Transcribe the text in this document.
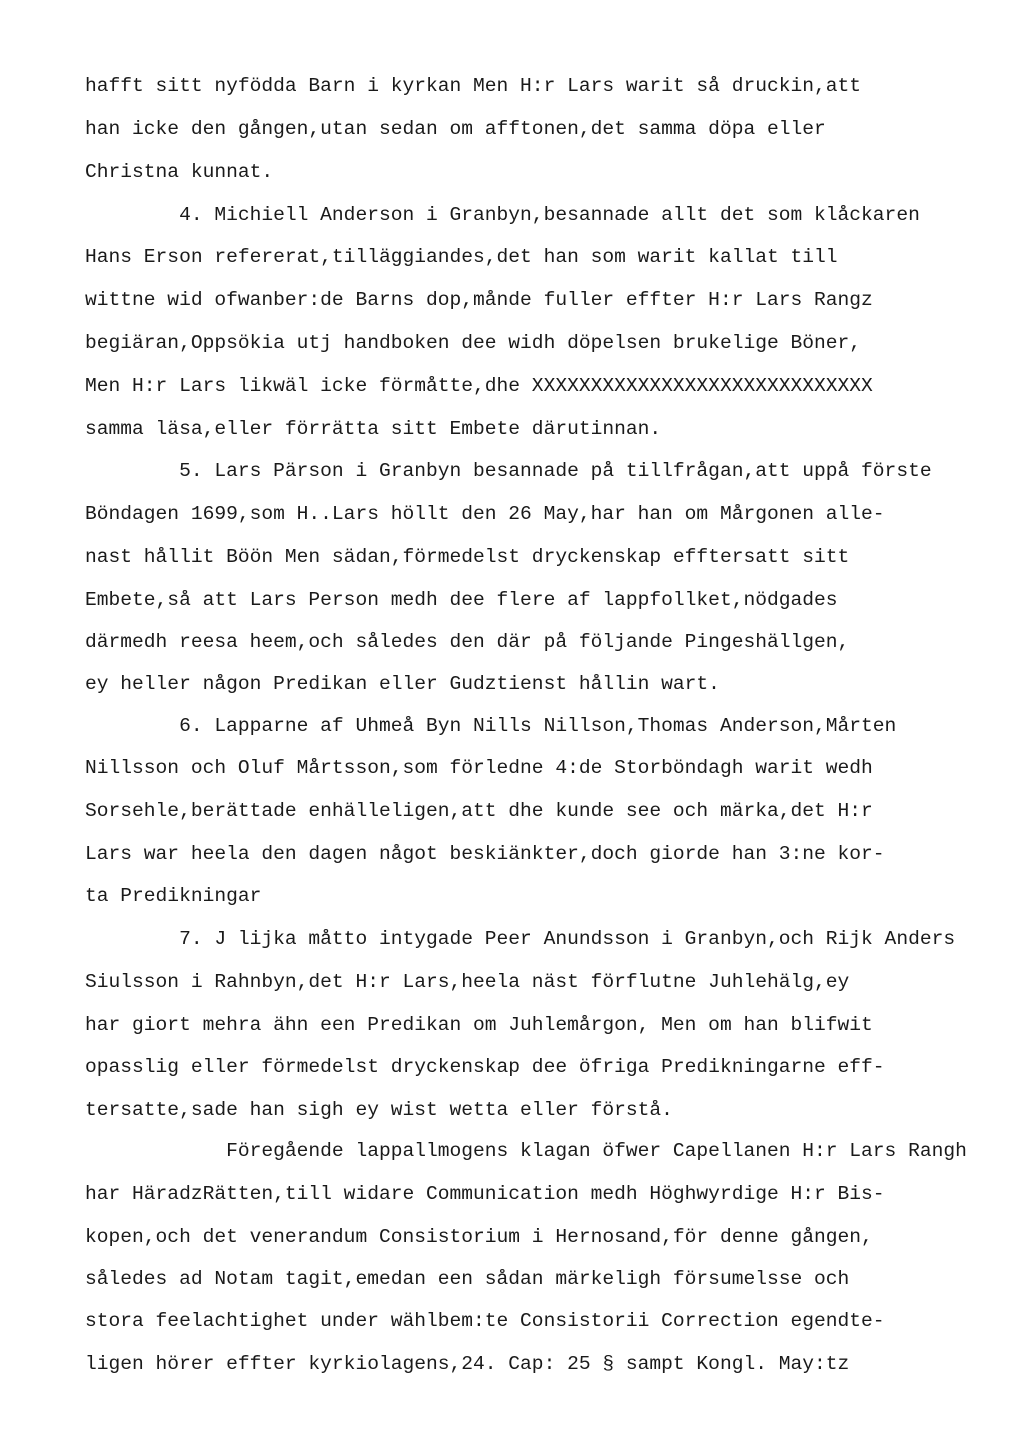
hafft sitt nyfödda Barn i kyrkan Men H:r Lars warit så druckin,att
han icke den gången,utan sedan om afftonen,det samma döpa eller
Christna kunnat.
4. Michiell Anderson i Granbyn,besannade allt det som klåckaren
Hans Erson refererat,tilläggiandes,det han som warit kallat till
wittne wid ofwanber:de Barns dop,månde fuller effter H:r Lars Rangz
begiäran,Oppsökia utj handboken dee widh döpelsen brukelige Böner,
Men H:r Lars likwäl icke förmåtte,dhe XXXXXXXXXXXXXXXXXXXXXXXXXXXXX
samma läsa,eller förrätta sitt Embete därutinnan.
5. Lars Pärson i Granbyn besannade på tillfrågan,att uppå förste
Böndagen 1699,som H..Lars höllt den 26 May,har han om Mårgonen alle-
nast hållit Böön Men sädan,förmedelst dryckenskap efftersatt sitt
Embete,så att Lars Person medh dee flere af lappfollket,nödgades
därmedh reesa heem,och således den där på följande Pingeshällgen,
ey heller någon Predikan eller Gudztienst hållin wart.
6. Lapparne af Uhmeå Byn Nills Nillson,Thomas Anderson,Mårten
Nillsson och Oluf Mårtsson,som förledne 4:de Storböndagh warit wedh
Sorsehle,berättade enhälleligen,att dhe kunde see och märka,det H:r
Lars war heela den dagen något beskiänkter,doch giorde han 3:ne kor-
ta Predikningar
7. J lijka måtto intygade Peer Anundsson i Granbyn,och Rijk Anders
Siulsson i Rahnbyn,det H:r Lars,heela näst förflutne Juhlehälg,ey
har giort mehra ähn een Predikan om Juhlemårgon, Men om han blifwit
opasslig eller förmedelst dryckenskap dee öfriga Predikningarne eff-
tersatte,sade han sigh ey wist wetta eller förstå.
Föregående lappallmogens klagan öfwer Capellanen H:r Lars Rangh
har HäradzRätten,till widare Communication medh Höghwyrdige H:r Bis-
kopen,och det venerandum Consistorium i Hernosand,för denne gången,
således ad Notam tagit,emedan een sådan märkeligh försumelsse och
stora feelachtighet under wählbem:te Consistorii Correction egendte-
ligen hörer effter kyrkiolagens,24. Cap: 25 § sampt Kongl. May:tz
